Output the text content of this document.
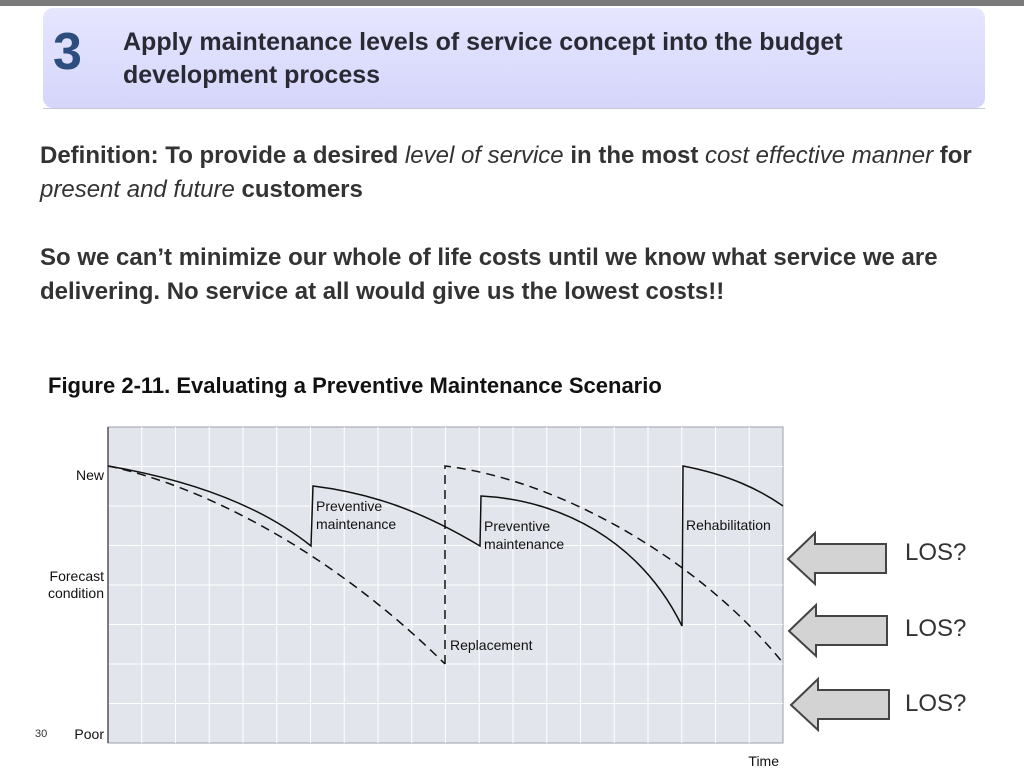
3 Apply maintenance levels of service concept into the budget development process
Definition: To provide a desired level of service in the most cost effective manner for present and future customers
So we can’t minimize our whole of life costs until we know what service we are delivering. No service at all would give us the lowest costs!!
Figure 2-11. Evaluating a Preventive Maintenance Scenario
New
Forecast
condition
Poor
Time
Preventive
maintenance	Preventive
maintenance
Rehabilitation
Replacement
LOS?
LOS?
LOS?
30
